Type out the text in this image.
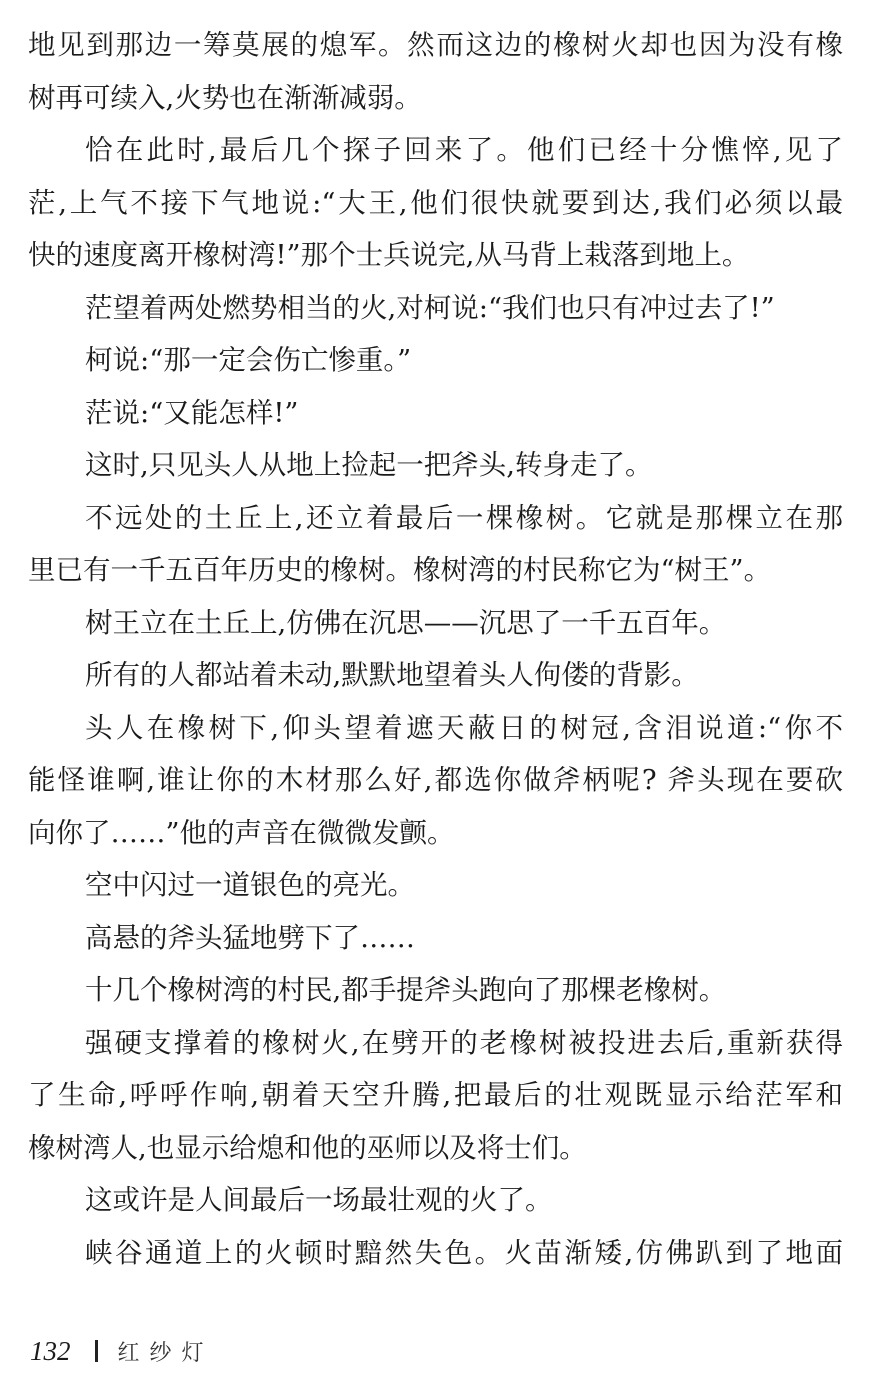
地见到那边一筹莫展的熄军。然而这边的橡树火却也因为没有橡
树再可续入,火势也在渐渐减弱。
恰在此时,最后几个探子回来了。他们已经十分憔悴,见了
茫,上气不接下气地说:“大王,他们很快就要到达,我们必须以最
快的速度离开橡树湾!”那个士兵说完,从马背上栽落到地上。
茫望着两处燃势相当的火,对柯说:“我们也只有冲过去了!”
柯说:“那一定会伤亡惨重。”
茫说:“又能怎样!”
这时,只见头人从地上捡起一把斧头,转身走了。
不远处的土丘上,还立着最后一棵橡树。它就是那棵立在那
里已有一千五百年历史的橡树。橡树湾的村民称它为“树王”。
树王立在土丘上,仿佛在沉思——沉思了一千五百年。
所有的人都站着未动,默默地望着头人佝偻的背影。
头人在橡树下,仰头望着遮天蔽日的树冠,含泪说道:“你不
能怪谁啊,谁让你的木材那么好,都选你做斧柄呢? 斧头现在要砍
向你了……”他的声音在微微发颤。
空中闪过一道银色的亮光。
高悬的斧头猛地劈下了……
十几个橡树湾的村民,都手提斧头跑向了那棵老橡树。
强硬支撑着的橡树火,在劈开的老橡树被投进去后,重新获得
了生命,呼呼作响,朝着天空升腾,把最后的壮观既显示给茫军和
橡树湾人,也显示给熄和他的巫师以及将士们。
这或许是人间最后一场最壮观的火了。
峡谷通道上的火顿时黯然失色。火苗渐矮,仿佛趴到了地面
132 红纱灯
